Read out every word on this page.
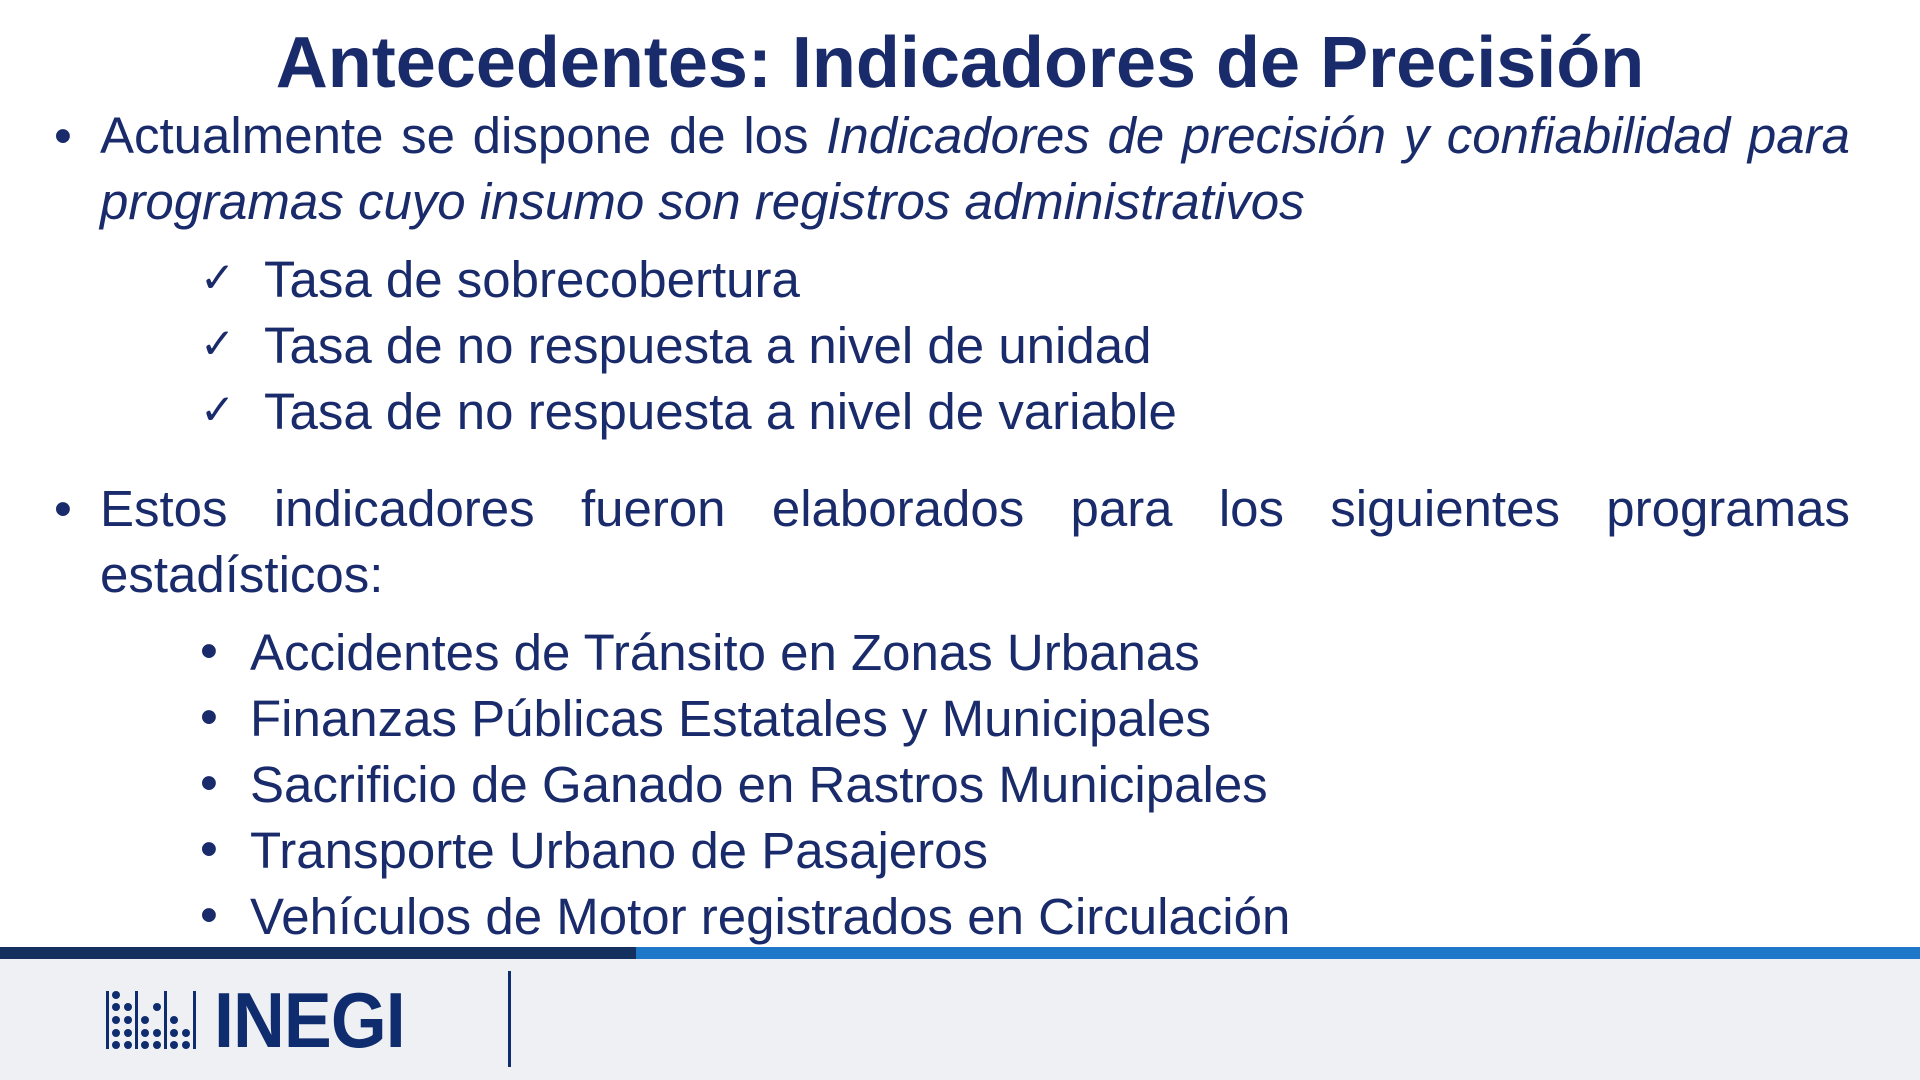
Antecedentes: Indicadores de Precisión
• Actualmente se dispone de los Indicadores de precisión y confiabilidad para programas cuyo insumo son registros administrativos
✓ Tasa de sobrecobertura
✓ Tasa de no respuesta a nivel de unidad
✓ Tasa de no respuesta a nivel de variable
• Estos indicadores fueron elaborados para los siguientes programas estadísticos:
• Accidentes de Tránsito en Zonas Urbanas
• Finanzas Públicas Estatales y Municipales
• Sacrificio de Ganado en Rastros Municipales
• Transporte Urbano de Pasajeros
• Vehículos de Motor registrados en Circulación
INEGI
